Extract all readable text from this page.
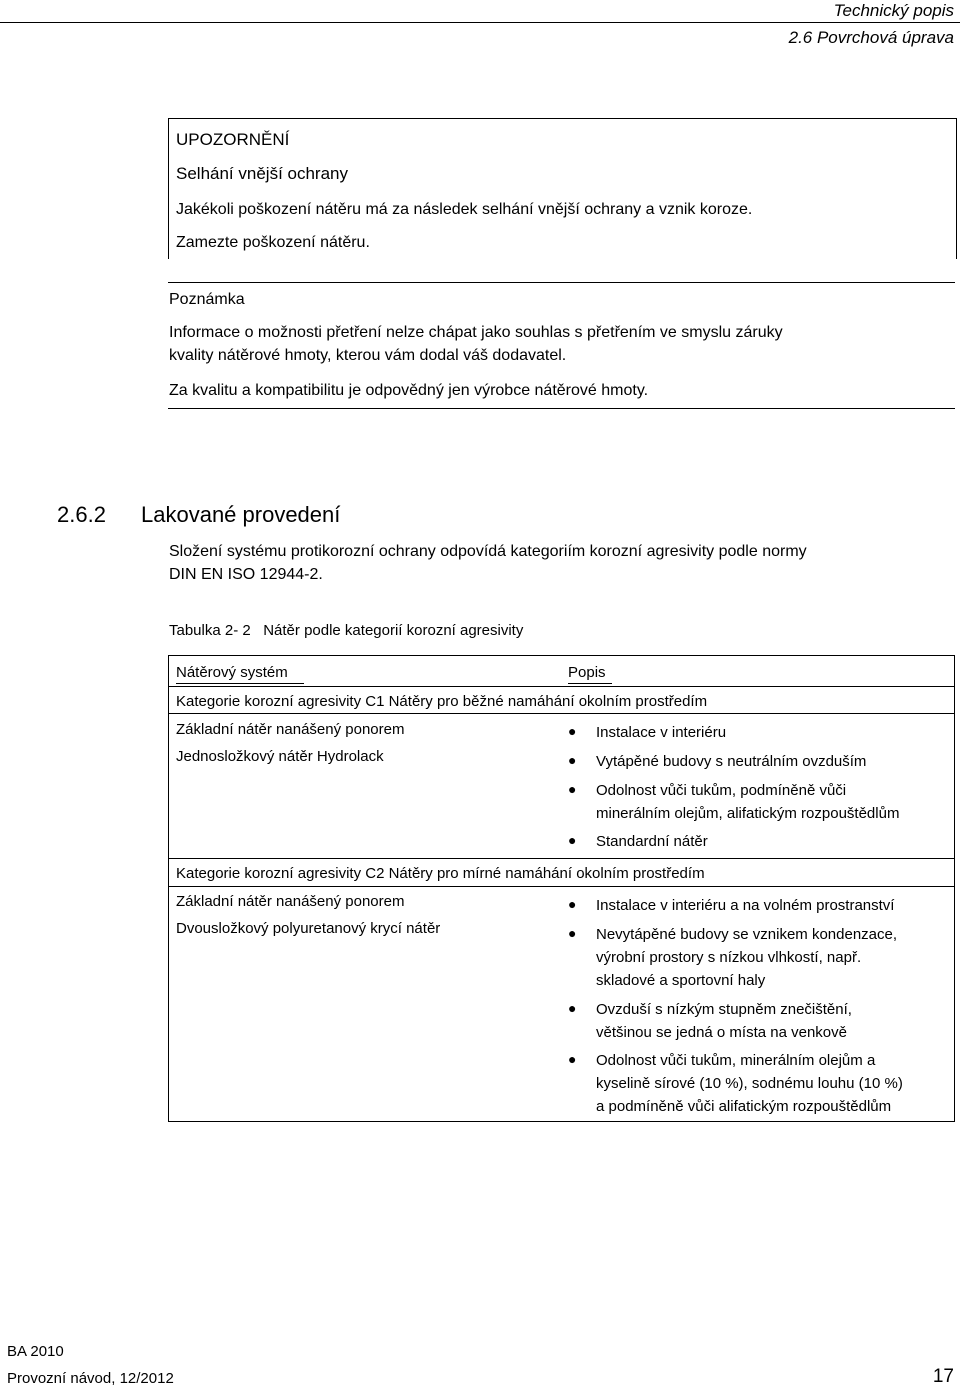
Technický popis
2.6 Povrchová úprava
UPOZORNĚNÍ
Selhání vnější ochrany
Jakékoli poškození nátěru má za následek selhání vnější ochrany a vznik koroze.
Zamezte poškození nátěru.
Poznámka
Informace o možnosti přetření nelze chápat jako souhlas s přetřením ve smyslu záruky
kvality nátěrové hmoty, kterou vám dodal váš dodavatel.
Za kvalitu a kompatibilitu je odpovědný jen výrobce nátěrové hmoty.
2.6.2 Lakované provedení
Složení systému protikorozní ochrany odpovídá kategoriím korozní agresivity podle normy
DIN EN ISO 12944-2.
Tabulka 2- 2   Nátěr podle kategorií korozní agresivity
Nátěrový systém	Popis
Kategorie korozní agresivity C1 Nátěry pro běžné namáhání okolním prostředím
Základní nátěr nanášený ponorem
Jednosložkový nátěr Hydrolack
● Instalace v interiéru
● Vytápěné budovy s neutrálním ovzduším
● Odolnost vůči tukům, podmíněně vůči
minerálním olejům, alifatickým rozpouštědlům
● Standardní nátěr
Kategorie korozní agresivity C2 Nátěry pro mírné namáhání okolním prostředím
Základní nátěr nanášený ponorem
Dvousložkový polyuretanový krycí nátěr
● Instalace v interiéru a na volném prostranství
● Nevytápěné budovy se vznikem kondenzace,
výrobní prostory s nízkou vlhkostí, např.
skladové a sportovní haly
● Ovzduší s nízkým stupněm znečištění,
většinou se jedná o místa na venkově
● Odolnost vůči tukům, minerálním olejům a
kyselině sírové (10 %), sodnému louhu (10 %)
a podmíněně vůči alifatickým rozpouštědlům
BA 2010
Provozní návod, 12/2012	17
